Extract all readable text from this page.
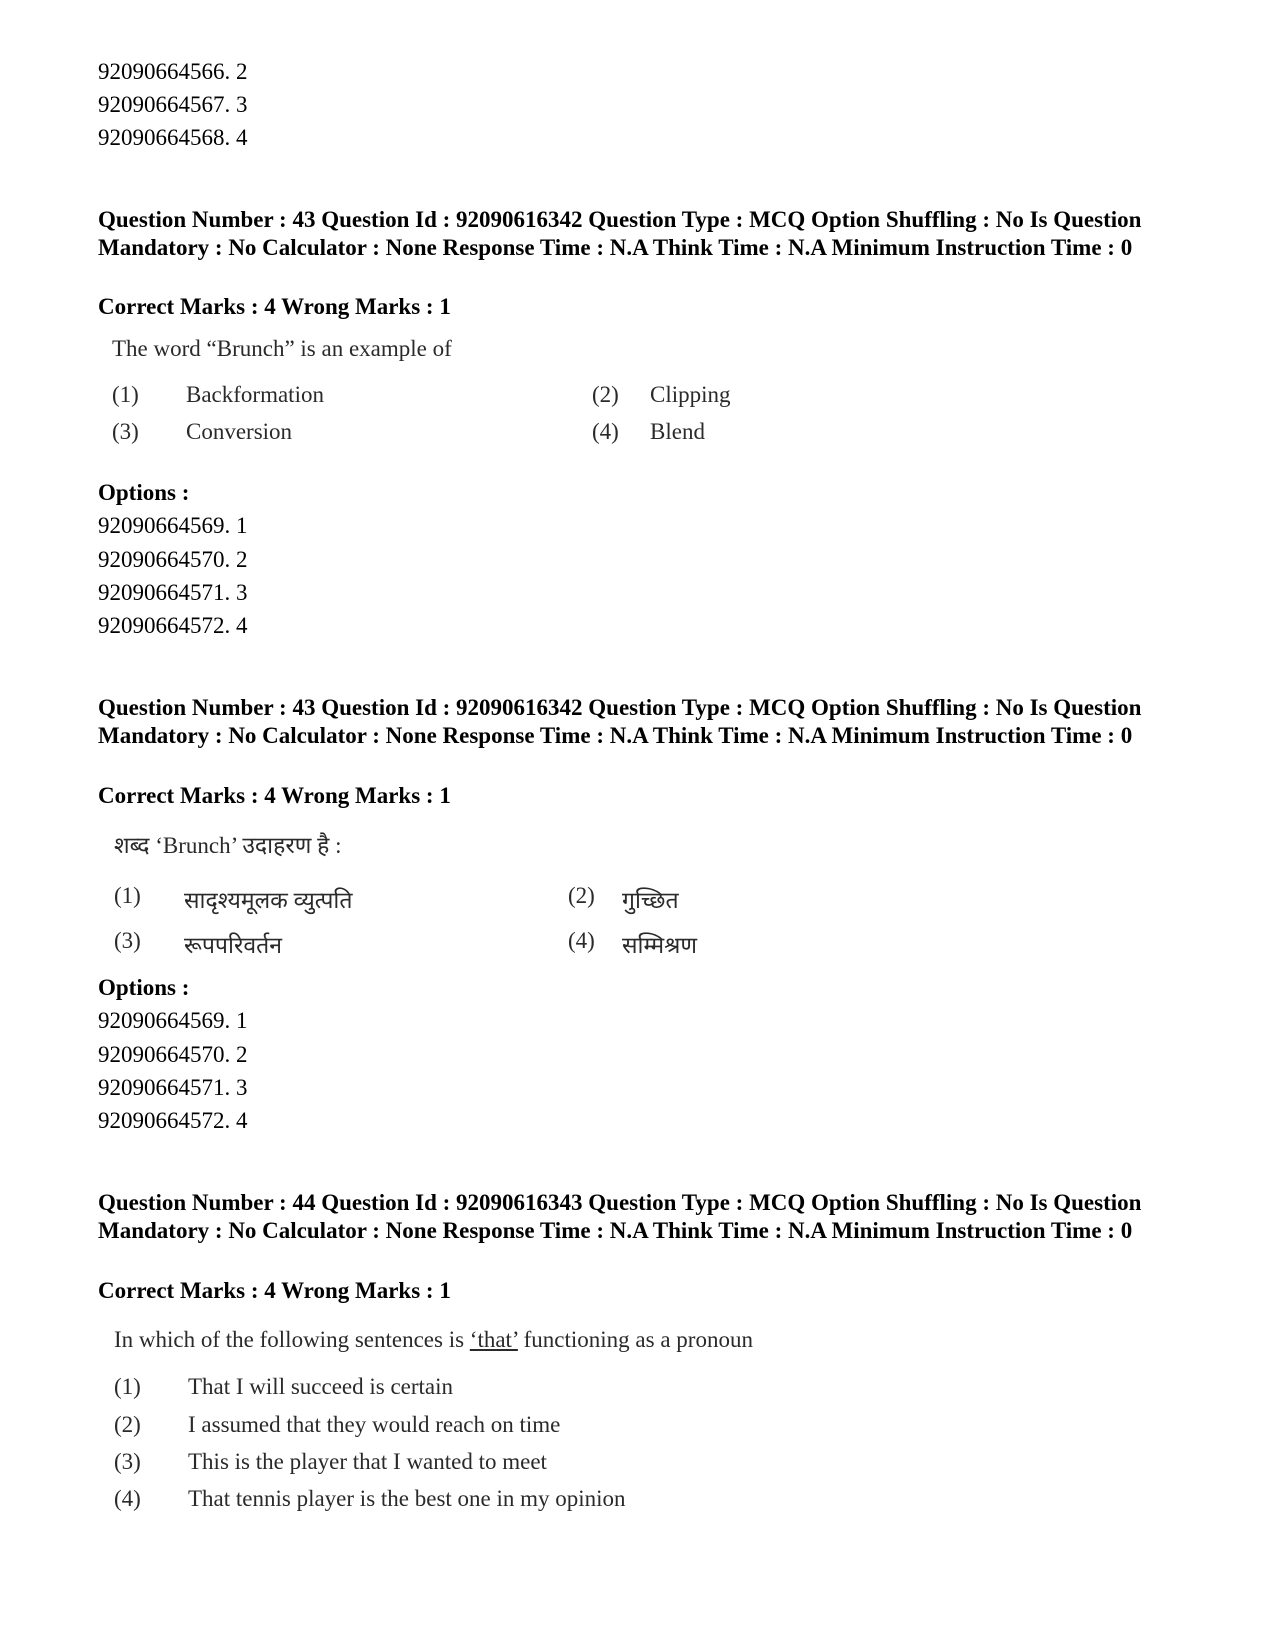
92090664566. 2
92090664567. 3
92090664568. 4
Question Number : 43 Question Id : 92090616342 Question Type : MCQ Option Shuffling : No Is Question Mandatory : No Calculator : None Response Time : N.A Think Time : N.A Minimum Instruction Time : 0
Correct Marks : 4 Wrong Marks : 1
The word “Brunch” is an example of
(1) Backformation	(2) Clipping
(3) Conversion	(4) Blend
Options :
92090664569. 1
92090664570. 2
92090664571. 3
92090664572. 4
Question Number : 43 Question Id : 92090616342 Question Type : MCQ Option Shuffling : No Is Question Mandatory : No Calculator : None Response Time : N.A Think Time : N.A Minimum Instruction Time : 0
Correct Marks : 4 Wrong Marks : 1
शब्द ‘Brunch’ उदाहरण है :
(1) सादृश्यमूलक व्युत्पति	(2) गुच्छित
(3) रूपपरिवर्तन	(4) सम्मिश्रण
Options :
92090664569. 1
92090664570. 2
92090664571. 3
92090664572. 4
Question Number : 44 Question Id : 92090616343 Question Type : MCQ Option Shuffling : No Is Question Mandatory : No Calculator : None Response Time : N.A Think Time : N.A Minimum Instruction Time : 0
Correct Marks : 4 Wrong Marks : 1
In which of the following sentences is ‘that’ functioning as a pronoun
(1) That I will succeed is certain
(2) I assumed that they would reach on time
(3) This is the player that I wanted to meet
(4) That tennis player is the best one in my opinion
